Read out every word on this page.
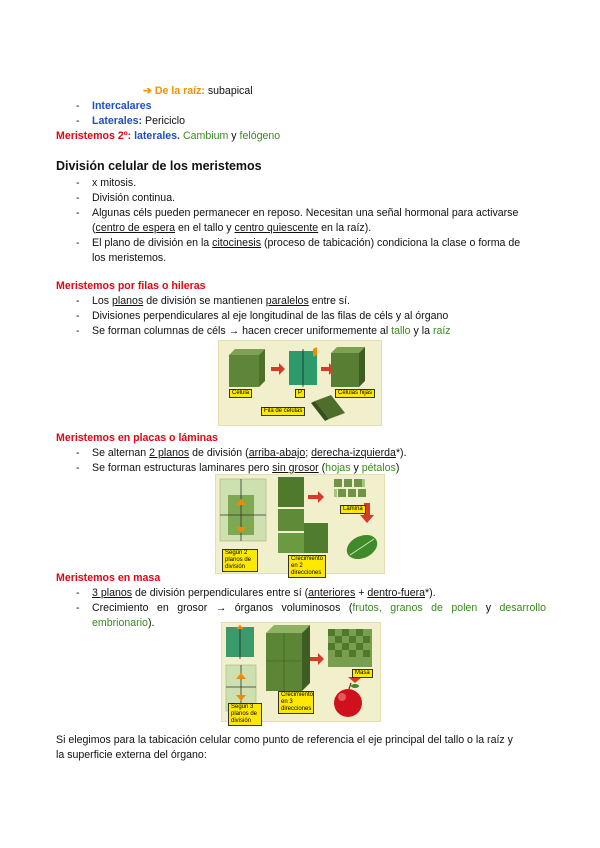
➔ De la raíz: subapical
- Intercalares
- Laterales: Periciclo
Meristemos 2º: laterales. Cambium y felógeno
División celular de los meristemos
- x mitosis.
- División continua.
- Algunas céls pueden permanecer en reposo. Necesitan una señal hormonal para activarse
(centro de espera en el tallo y centro quiescente en la raíz).
- El plano de división en la citocinesis (proceso de tabicación) condiciona la clase o forma de
los meristemos.
Meristemos por filas o hileras
- Los planos de división se mantienen paralelos entre sí.
- Divisiones perpendiculares al eje longitudinal de las filas de céls y al órgano
- Se forman columnas de céls → hacen crecer uniformemente al tallo y la raíz
Célula	P	Células hijas
Fila de células
Meristemos en placas o láminas
- Se alternan 2 planos de división (arriba-abajo; derecha-izquierda*).
- Se forman estructuras laminares pero sin grosor (hojas y pétalos)
Según 2 planos de división
Crecimiento en 2 direcciones
Lámina
Meristemos en masa
- 3 planos de división perpendiculares entre sí (anteriores + dentro-fuera*).
- Crecimiento en grosor → órganos voluminosos (frutos, granos de polen y desarrollo
embrionario).
Según 3 planos de división
Crecimiento en 3 direcciones
Masa
Si elegimos para la tabicación celular como punto de referencia el eje principal del tallo o la raíz y
la superficie externa del órgano:
